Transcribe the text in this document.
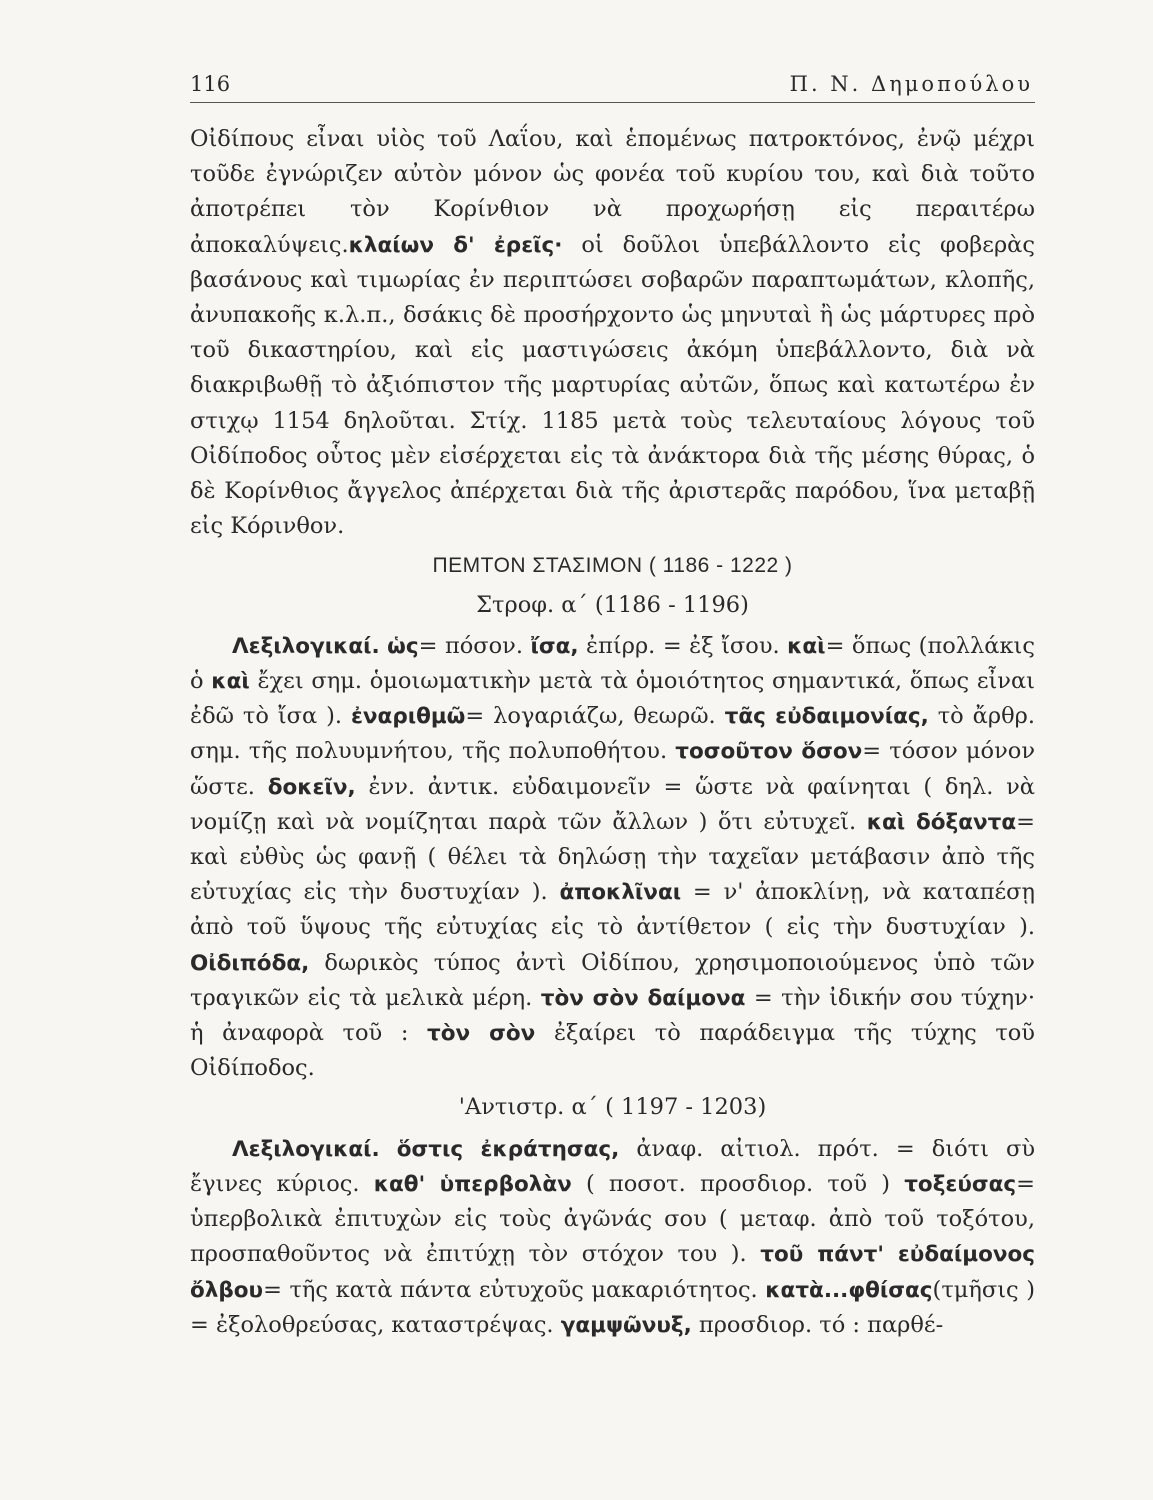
116	Π. Ν. Δημοπούλου

Οἰδίπους εἶναι υἱὸς τοῦ Λαΐου, καὶ ἑπομένως πατροκτόνος, ἐνῷ μέχρι τοῦδε ἐγνώριζεν αὐτὸν μόνον ὡς φονέα τοῦ κυρίου του, καὶ διὰ τοῦτο ἀποτρέπει τὸν Κορίνθιον νὰ προχωρήσῃ εἰς περαιτέρω ἀποκαλύψεις.κλαίων δ' ἐρεῖς· οἱ δοῦλοι ὑπεβάλλοντο εἰς φοβερὰς βασάνους καὶ τιμωρίας ἐν περιπτώσει σοβαρῶν παραπτωμάτων, κλοπῆς, ἀνυπακοῆς κ.λ.π., δσάκις δὲ προσήρχοντο ὡς μηνυταὶ ἢ ὡς μάρτυρες πρὸ τοῦ δικαστηρίου, καὶ εἰς μαστιγώσεις ἀκόμη ὑπεβάλλοντο, διὰ νὰ διακριβωθῇ τὸ ἀξιόπιστον τῆς μαρτυρίας αὐτῶν, ὅπως καὶ κατωτέρω ἐν στιχῳ 1154 δηλοῦται. Στίχ. 1185 μετὰ τοὺς τελευταίους λόγους τοῦ Οἰδίποδος οὗτος μὲν εἰσέρχεται εἰς τὰ ἀνάκτορα διὰ τῆς μέσης θύρας, ὁ δὲ Κορίνθιος ἄγγελος ἀπέρχεται διὰ τῆς ἀριστερᾶς παρόδου, ἵνα μεταβῇ εἰς Κόρινθον.

ΠΕΜΤΟΝ ΣΤΑΣΙΜΟΝ ( 1186 - 1222 )
Στροφ. α΄ (1186 - 1196)

Λεξιλογικαί. ὡς= πόσον. ἴσα, ἐπίρρ. = ἐξ ἴσου. καὶ= ὅπως (πολλάκις ὁ καὶ ἔχει σημ. ὁμοιωματικὴν μετὰ τὰ ὁμοιότητος σημαντικά, ὅπως εἶναι ἐδῶ τὸ ἴσα ). ἐναριθμῶ= λογαριάζω, θεωρῶ. τᾶς εὐδαιμονίας, τὸ ἄρθρ. σημ. τῆς πολυυμνήτου, τῆς πολυποθήτου. τοσοῦτον ὅσον= τόσον μόνον ὥστε. δοκεῖν, ἐνν. ἀντικ. εὐδαιμονεῖν = ὥστε νὰ φαίνηται ( δηλ. νὰ νομίζῃ καὶ νὰ νομίζηται παρὰ τῶν ἄλλων ) ὅτι εὐτυχεῖ. καὶ δόξαντα= καὶ εὐθὺς ὡς φανῇ ( θέλει τὰ δηλώσῃ τὴν ταχεῖαν μετάβασιν ἀπὸ τῆς εὐτυχίας εἰς τὴν δυστυχίαν ). ἀποκλῖναι = ν' ἀποκλίνῃ, νὰ καταπέσῃ ἀπὸ τοῦ ὕψους τῆς εὐτυχίας εἰς τὸ ἀντίθετον ( εἰς τὴν δυστυχίαν ). Οἰδιπόδα, δωρικὸς τύπος ἀντὶ Οἰδίπου, χρησιμοποιούμενος ὑπὸ τῶν τραγικῶν εἰς τὰ μελικὰ μέρη. τὸν σὸν δαίμονα = τὴν ἰδικήν σου τύχην· ἡ ἀναφορὰ τοῦ : τὸν σὸν ἐξαίρει τὸ παράδειγμα τῆς τύχης τοῦ Οἰδίποδος.

'Αντιστρ. α΄ ( 1197 - 1203)

Λεξιλογικαί. ὅστις ἐκράτησας, ἀναφ. αἰτιολ. πρότ. = διότι σὺ ἔγινες κύριος. καθ' ὑπερβολὰν ( ποσοτ. προσδιορ. τοῦ ) τοξεύσας= ὑπερβολικὰ ἐπιτυχὼν εἰς τοὺς ἀγῶνάς σου ( μεταφ. ἀπὸ τοῦ τοξότου, προσπαθοῦντος νὰ ἐπιτύχῃ τὸν στόχον του ). τοῦ πάντ' εὐδαίμονος ὄλβου= τῆς κατὰ πάντα εὐτυχοῦς μακαριότητος. κατὰ...φθίσας(τμῆσις ) = ἐξολοθρεύσας, καταστρέψας. γαμψῶνυξ, προσδιορ. τό : παρθέ-
